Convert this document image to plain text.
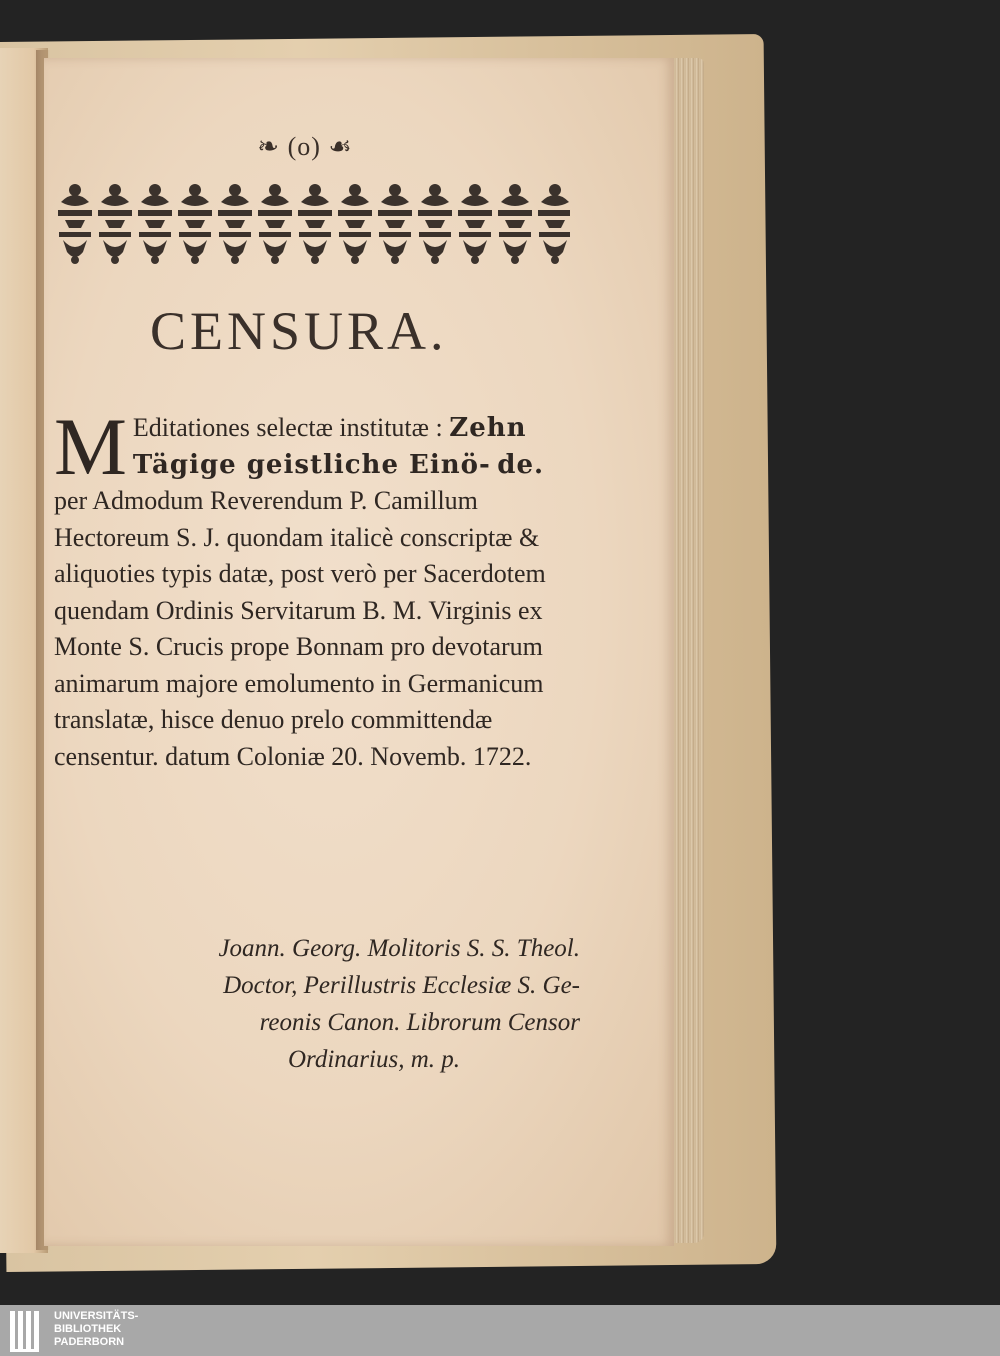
❧ (o) ☙
CENSURA.
M Editationes selectæ institutæ : Zehn Tägige geistliche Einö- de. per Admodum Reverendum P. Camillum Hectoreum S. J. quondam italicè conscriptæ & aliquoties typis datæ, post verò per Sacerdotem quendam Ordinis Servitarum B. M. Virginis ex Monte S. Crucis prope Bonnam pro devotarum animarum majore emolumento in Germanicum translatæ, hisce denuo prelo committendæ censentur. datum Coloniæ 20. Novemb. 1722.
Joann. Georg. Molitoris S. S. Theol.
Doctor, Perillustris Ecclesiæ S. Ge-
reonis Canon. Librorum Censor
Ordinarius, m. p.
UNIVERSITÄTS-
BIBLIOTHEK
PADERBORN
